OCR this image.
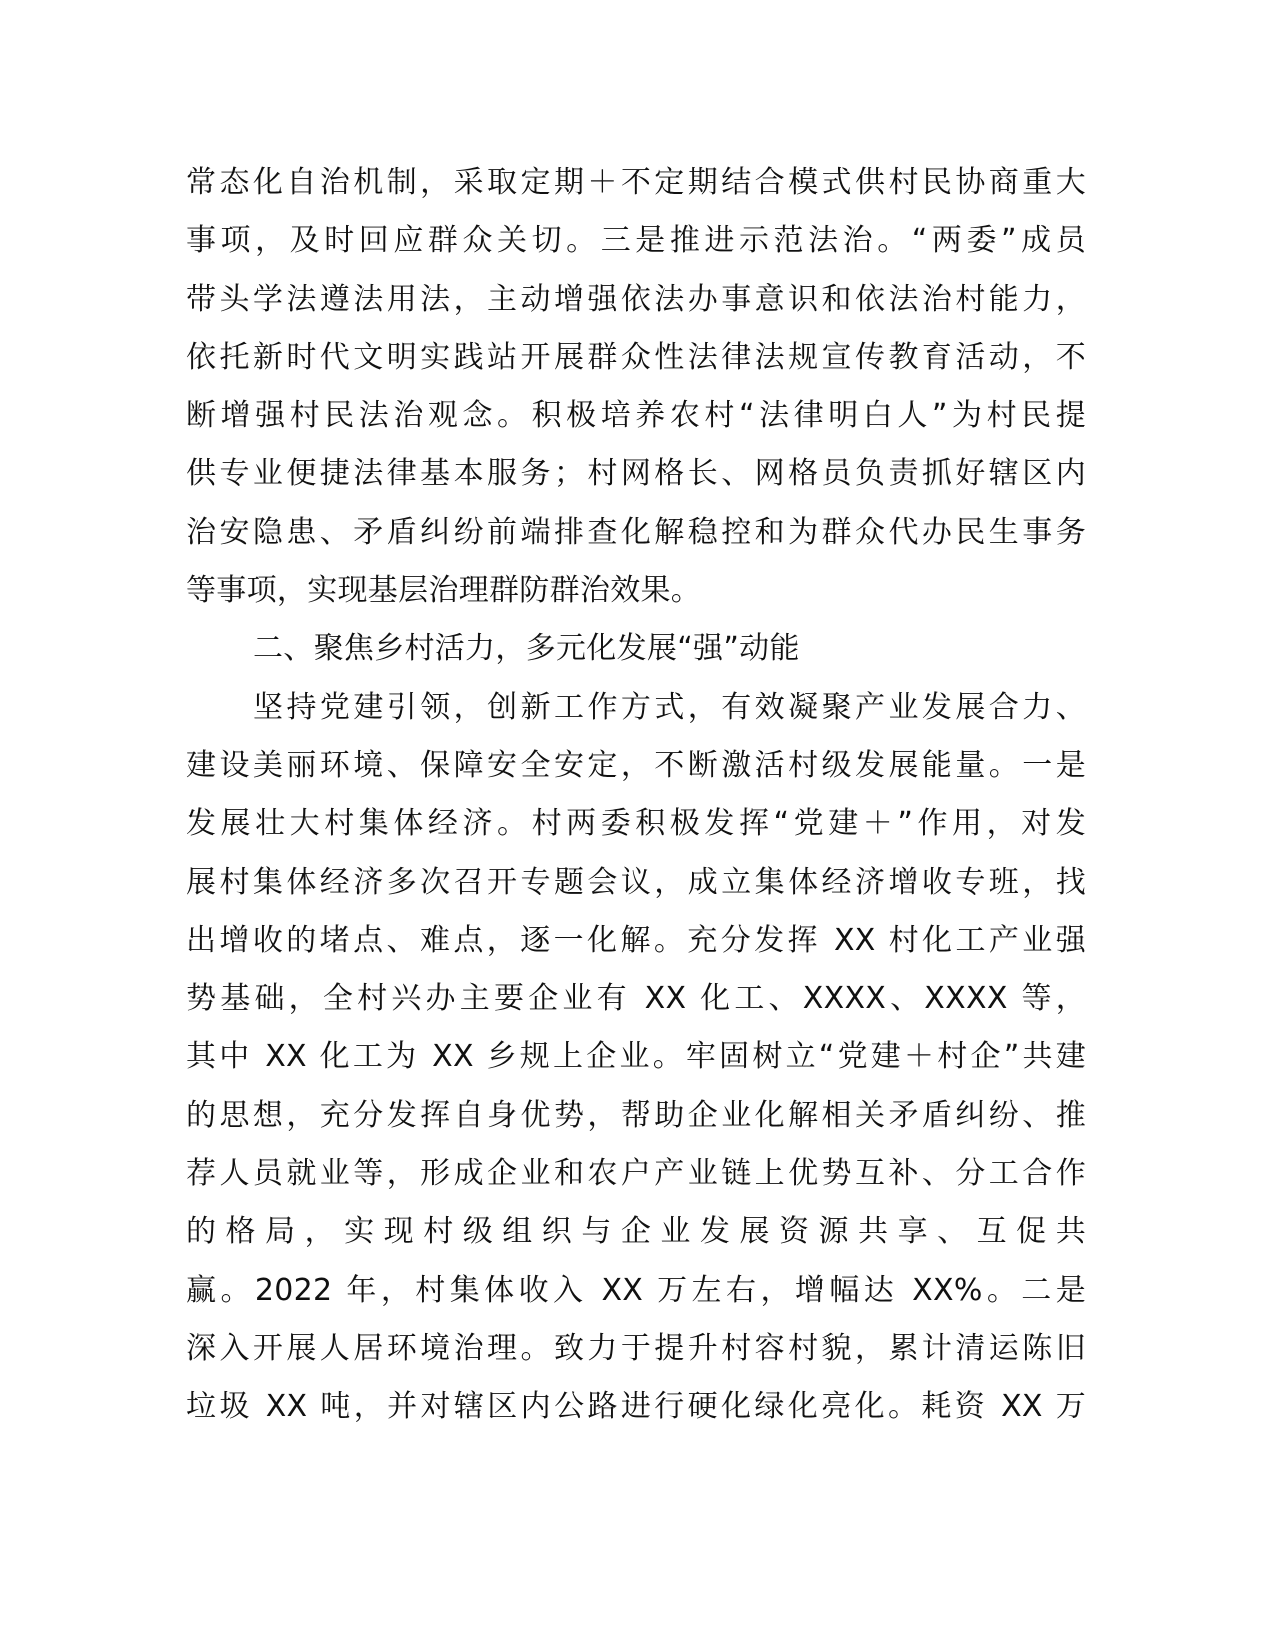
常态化自治机制，采取定期＋不定期结合模式供村民协商重大
事项，及时回应群众关切。三是推进示范法治。“两委”成员
带头学法遵法用法，主动增强依法办事意识和依法治村能力，
依托新时代文明实践站开展群众性法律法规宣传教育活动，不
断增强村民法治观念。积极培养农村“法律明白人”为村民提
供专业便捷法律基本服务；村网格长、网格员负责抓好辖区内
治安隐患、矛盾纠纷前端排查化解稳控和为群众代办民生事务
等事项，实现基层治理群防群治效果。
二、聚焦乡村活力，多元化发展“强”动能
坚持党建引领，创新工作方式，有效凝聚产业发展合力、
建设美丽环境、保障安全安定，不断激活村级发展能量。一是
发展壮大村集体经济。村两委积极发挥“党建＋”作用，对发
展村集体经济多次召开专题会议，成立集体经济增收专班，找
出增收的堵点、难点，逐一化解。充分发挥 XX 村化工产业强
势基础，全村兴办主要企业有 XX 化工、XXXX、XXXX 等，
其中 XX 化工为 XX 乡规上企业。牢固树立“党建＋村企”共建
的思想，充分发挥自身优势，帮助企业化解相关矛盾纠纷、推
荐人员就业等，形成企业和农户产业链上优势互补、分工合作
的格局，实现村级组织与企业发展资源共享、互促共
赢。2022 年，村集体收入 XX 万左右，增幅达 XX%。二是
深入开展人居环境治理。致力于提升村容村貌，累计清运陈旧
垃圾 XX 吨，并对辖区内公路进行硬化绿化亮化。耗资 XX 万
